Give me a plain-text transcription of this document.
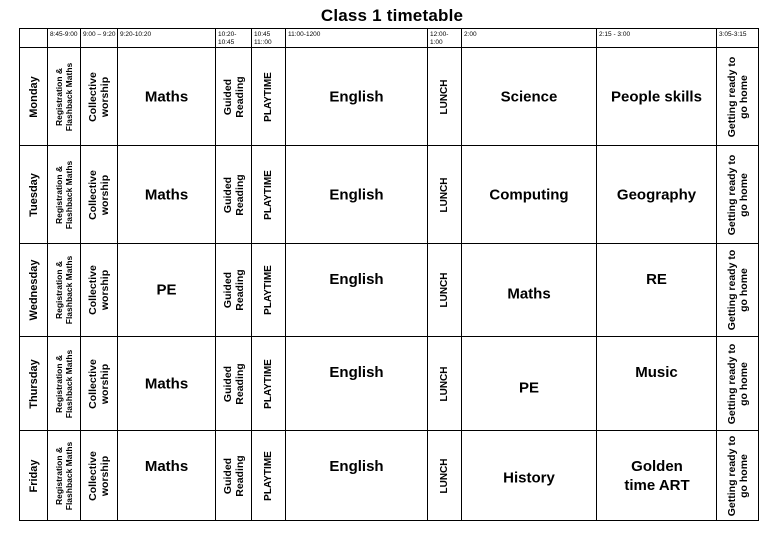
Class 1 timetable
	8:45-9:00	9:00 – 9:20	9:20-10:20	10:20-10:45	10:45 11::00	11:00-1200	12:00-1:00	2:00	2:15 - 3:00	3:05-3:15

Monday	Registration & Flashback Maths	Collective worship	Maths	Guided Reading	PLAYTIME	English	LUNCH	Science	People skills	Getting ready to go home

Tuesday	Registration & Flashback Maths	Collective worship	Maths	Guided Reading	PLAYTIME	English	LUNCH	Computing	Geography	Getting ready to go home

Wednesday	Registration & Flashback Maths	Collective worship	PE	Guided Reading	PLAYTIME	English	LUNCH	Maths	RE	Getting ready to go home

Thursday	Registration & Flashback Maths	Collective worship	Maths	Guided Reading	PLAYTIME	English	LUNCH	PE	Music	Getting ready to go home

Friday	Registration & Flashback Maths	Collective worship	Maths	Guided Reading	PLAYTIME	English	LUNCH	History	Golden time ART	Getting ready to go home
